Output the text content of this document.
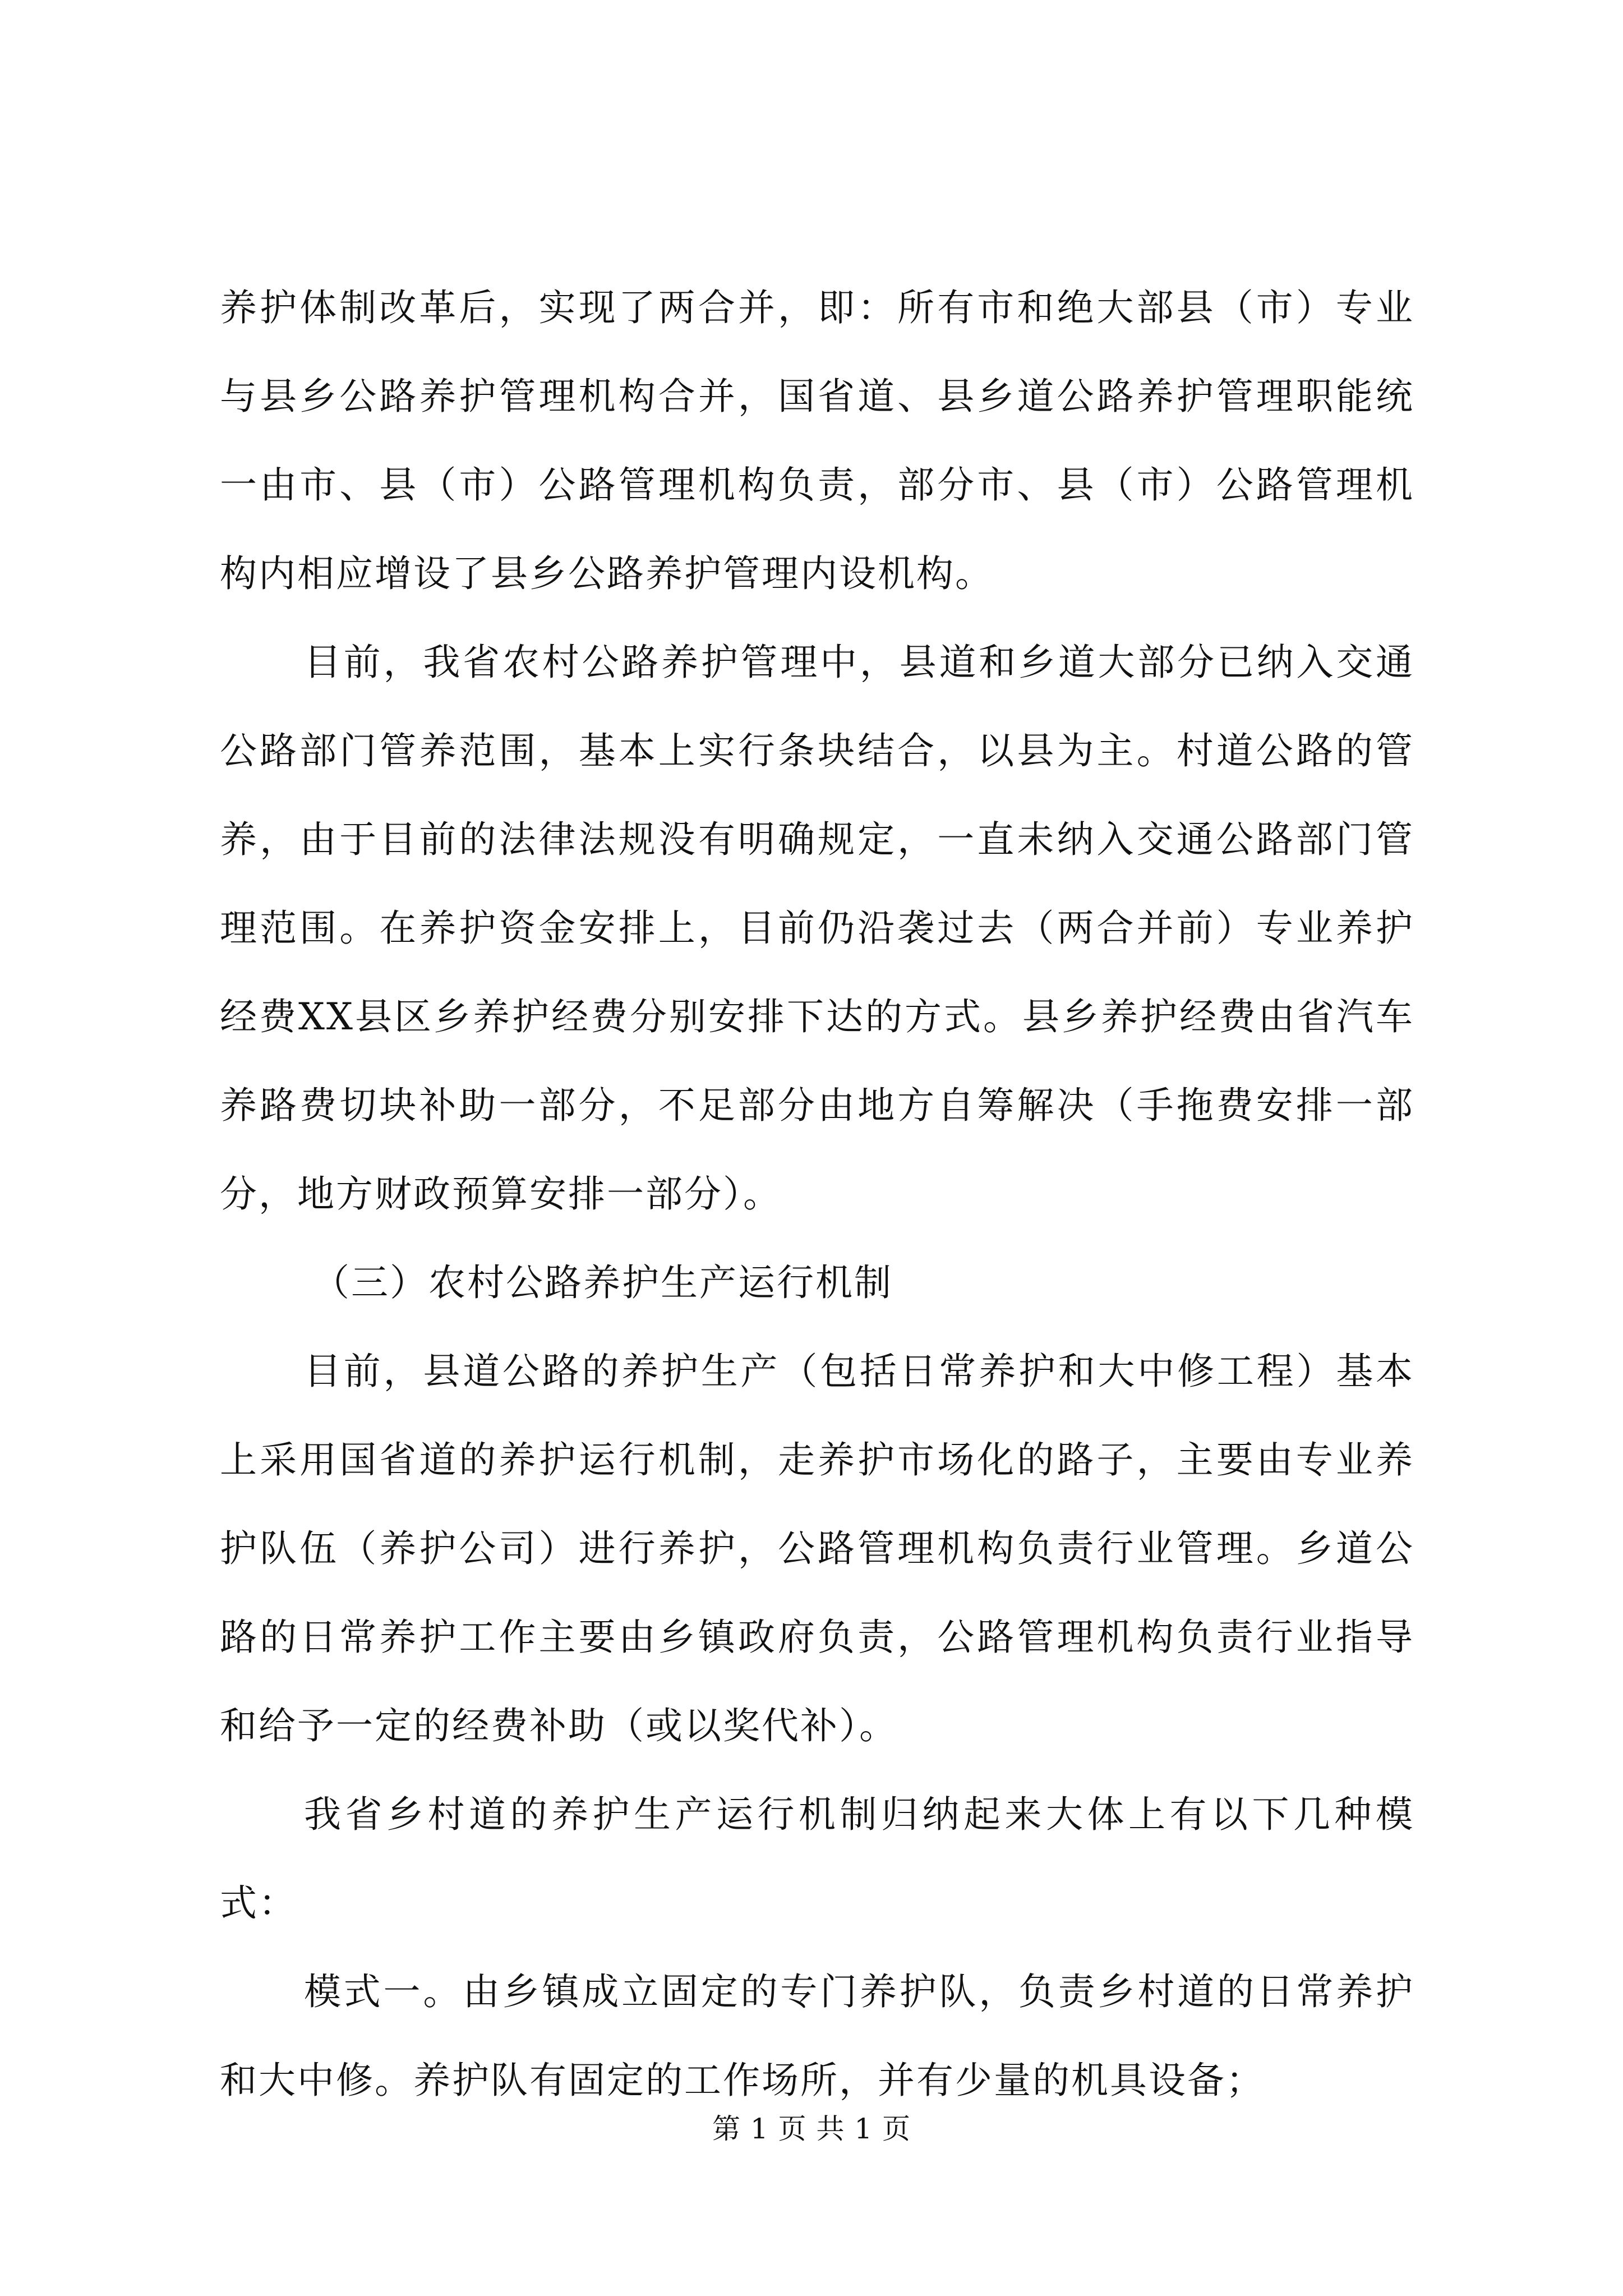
养护体制改革后，实现了两合并，即：所有市和绝大部县（市）专业与县乡公路养护管理机构合并，国省道、县乡道公路养护管理职能统一由市、县（市）公路管理机构负责，部分市、县（市）公路管理机构内相应增设了县乡公路养护管理内设机构。

目前，我省农村公路养护管理中，县道和乡道大部分已纳入交通公路部门管养范围，基本上实行条块结合，以县为主。村道公路的管养，由于目前的法律法规没有明确规定，一直未纳入交通公路部门管理范围。在养护资金安排上，目前仍沿袭过去（两合并前）专业养护经费XX县区乡养护经费分别安排下达的方式。县乡养护经费由省汽车养路费切块补助一部分，不足部分由地方自筹解决（手拖费安排一部分，地方财政预算安排一部分）。

（三）农村公路养护生产运行机制

目前，县道公路的养护生产（包括日常养护和大中修工程）基本上采用国省道的养护运行机制，走养护市场化的路子，主要由专业养护队伍（养护公司）进行养护，公路管理机构负责行业管理。乡道公路的日常养护工作主要由乡镇政府负责，公路管理机构负责行业指导和给予一定的经费补助（或以奖代补）。

我省乡村道的养护生产运行机制归纳起来大体上有以下几种模式：

模式一。由乡镇成立固定的专门养护队，负责乡村道的日常养护和大中修。养护队有固定的工作场所，并有少量的机具设备；

第 1 页 共 1 页
